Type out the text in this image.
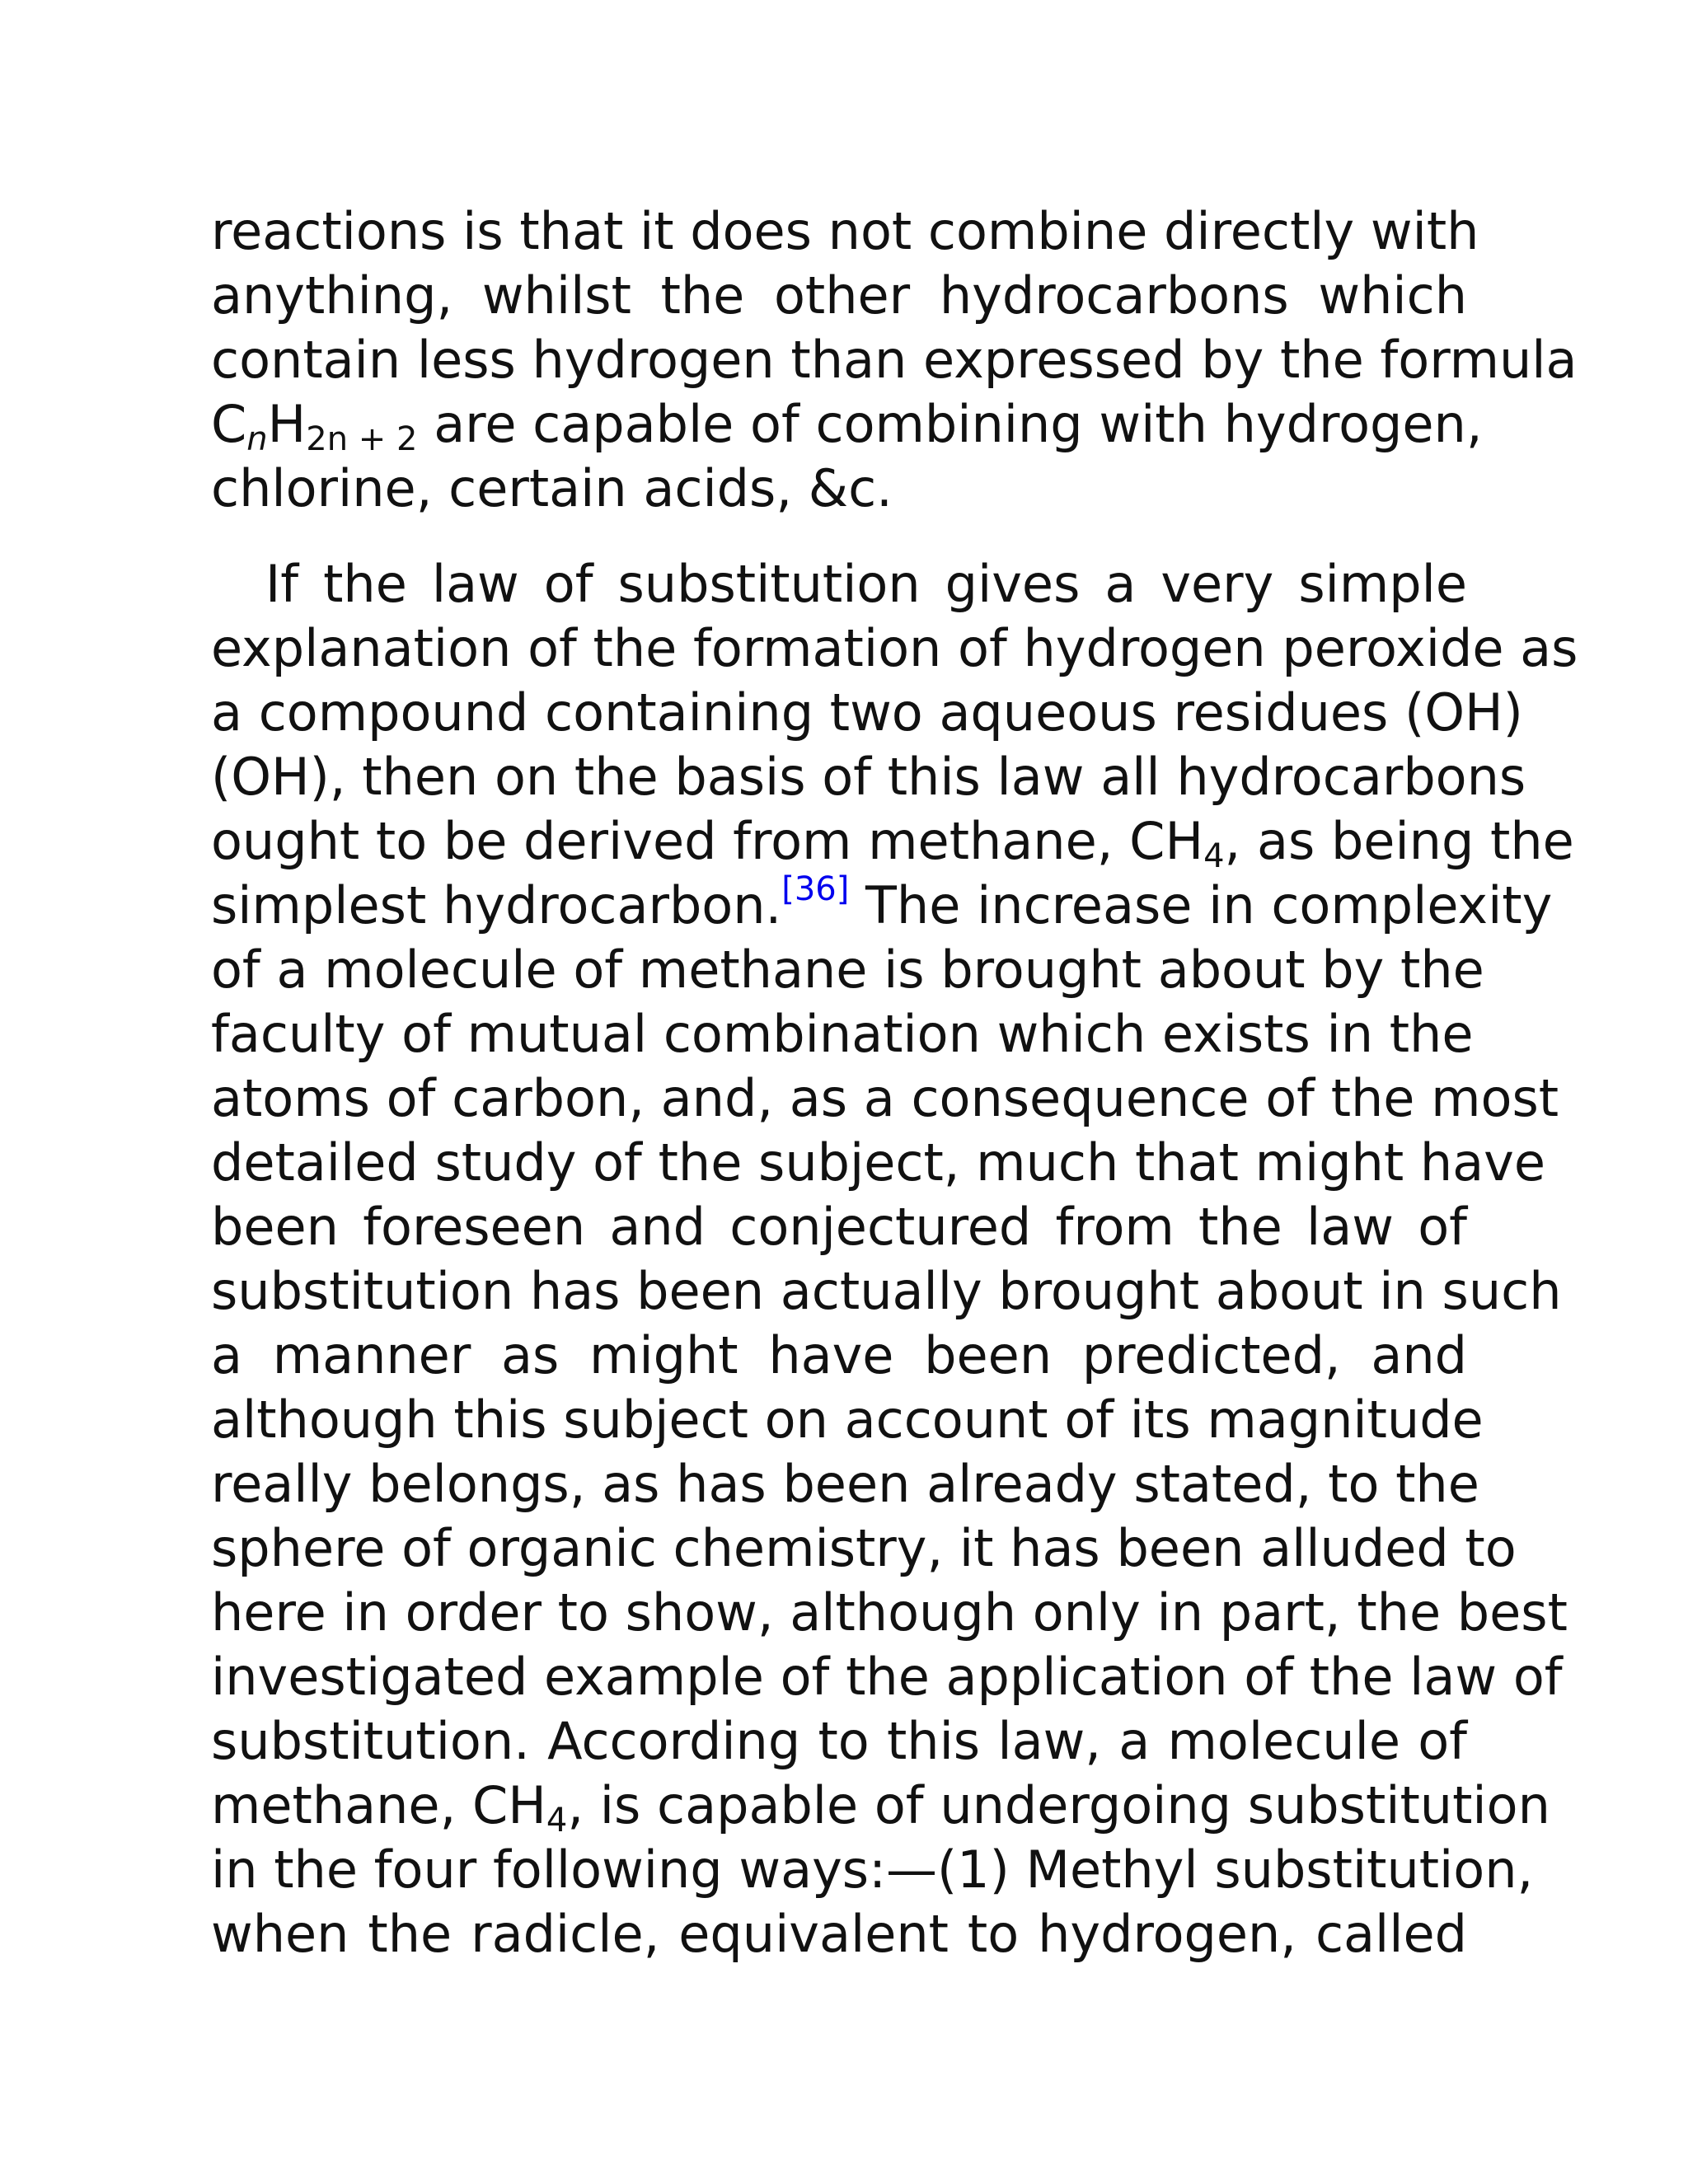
reactions is that it does not combine directly with
anything, whilst the other hydrocarbons which
contain less hydrogen than expressed by the formula
$C_nH_{2n + 2}$ are capable of combining with hydrogen,
chlorine, certain acids, &c.
If the law of substitution gives a very simple
explanation of the formation of hydrogen peroxide as
a compound containing two aqueous residues (OH)
(OH), then on the basis of this law all hydrocarbons
ought to be derived from methane, $CH_4$, as being the
simplest hydrocarbon.[36] The increase in complexity
of a molecule of methane is brought about by the
faculty of mutual combination which exists in the
atoms of carbon, and, as a consequence of the most
detailed study of the subject, much that might have
been foreseen and conjectured from the law of
substitution has been actually brought about in such
a manner as might have been predicted, and
although this subject on account of its magnitude
really belongs, as has been already stated, to the
sphere of organic chemistry, it has been alluded to
here in order to show, although only in part, the best
investigated example of the application of the law of
substitution. According to this law, a molecule of
methane, $CH_4$, is capable of undergoing substitution
in the four following ways:—(1) Methyl substitution,
when the radicle, equivalent to hydrogen, called
